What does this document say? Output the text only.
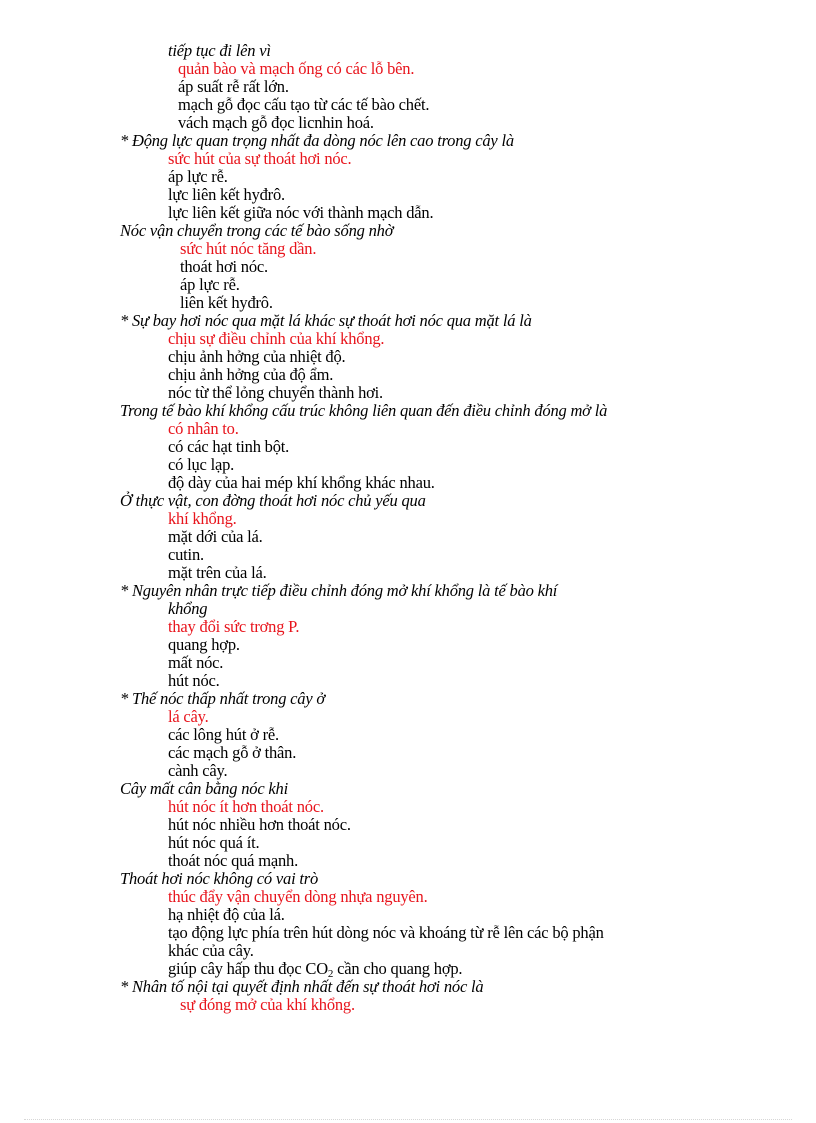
tiếp tục đi lên vì
quản bào và mạch ống có các lỗ bên.
áp suất rễ rất lớn.
mạch gỗ đọc cấu tạo từ các tế bào chết.
vách mạch gỗ đọc licnhin hoá.
* Động lực quan trọng nhất đa dòng nóc lên cao trong cây là
sức hút của sự thoát hơi nóc.
áp lực rễ.
lực liên kết hyđrô.
lực liên kết giữa nóc với thành mạch dẫn.
Nóc vận chuyển trong các tế bào sống nhờ
sức hút nóc tăng dần.
thoát hơi nóc.
áp lực rễ.
liên kết hyđrô.
* Sự bay hơi nóc qua mặt lá khác sự thoát hơi nóc qua mặt lá là
chịu sự điều chỉnh của khí khổng.
chịu ảnh hởng của nhiệt độ.
chịu ảnh hởng của độ ẩm.
nóc từ thể lỏng chuyển thành hơi.
Trong tế bào khí khổng cấu trúc không liên quan đến điều chỉnh đóng mở là
có nhân to.
có các hạt tinh bột.
có lục lạp.
độ dày của hai mép khí khổng khác nhau.
Ở thực vật, con đờng thoát hơi nóc chủ yếu qua
khí khổng.
mặt dới của lá.
cutin.
mặt trên của lá.
* Nguyên nhân trực tiếp điều chỉnh đóng mở khí khổng là tế bào khí
khổng
thay đổi sức trơng P.
quang hợp.
mất nóc.
hút nóc.
* Thế nóc thấp nhất trong cây ở
lá cây.
các lông hút ở rễ.
các mạch gỗ ở thân.
cành cây.
Cây mất cân bằng nóc khi
hút nóc ít hơn thoát nóc.
hút nóc nhiều hơn thoát nóc.
hút nóc quá ít.
thoát nóc quá mạnh.
Thoát hơi nóc không có vai trò
thúc đẩy vận chuyển dòng nhựa nguyên.
hạ nhiệt độ của lá.
tạo động lực phía trên hút dòng nóc và khoáng từ rễ lên các bộ phận
khác của cây.
giúp cây hấp thu đọc $CO_2$ cần cho quang hợp.
* Nhân tố nội tại quyết định nhất đến sự thoát hơi nóc là
sự đóng mở của khí khổng.
